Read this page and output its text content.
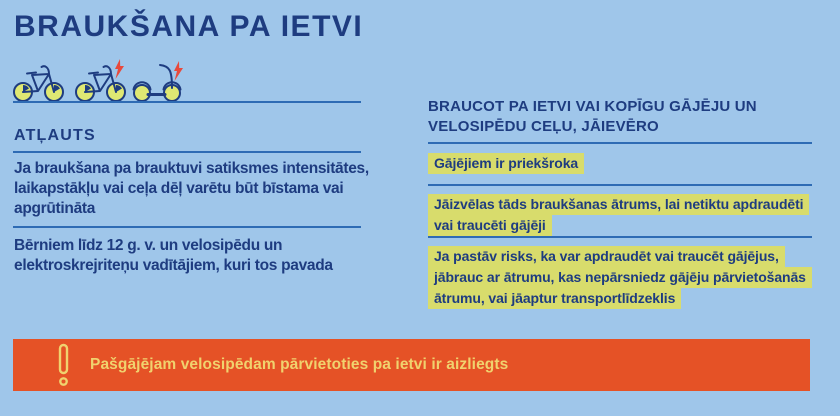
BRAUKŠANA PA IETVI
ATĻAUTS

Ja braukšana pa brauktuvi satiksmes intensitātes, laikapstākļu vai ceļa dēļ varētu būt bīstama vai apgrūtināta

Bērniem līdz 12 g. v. un velosipēdu un elektroskrejriteņu vadītājiem, kuri tos pavada

BRAUCOT PA IETVI VAI KOPĪGU GĀJĒJU UN VELOSIPĒDU CEĻU, JĀIEVĒRO

Gājējiem ir priekšroka

Jāizvēlas tāds braukšanas ātrums, lai netiktu apdraudēti vai traucēti gājēji

Ja pastāv risks, ka var apdraudēt vai traucēt gājējus, jābrauc ar ātrumu, kas nepārsniedz gājēju pārvietošanās ātrumu, vai jāaptur transportlīdzeklis

Pašgājējam velosipēdam pārvietoties pa ietvi ir aizliegts
